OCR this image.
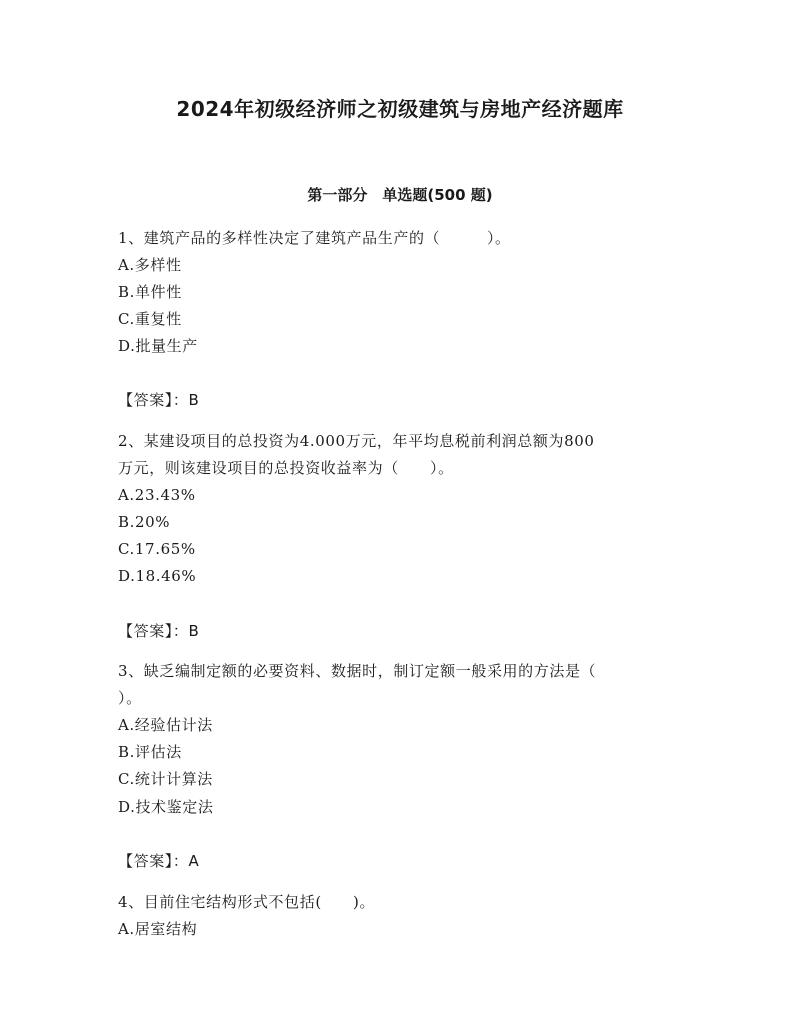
2024年初级经济师之初级建筑与房地产经济题库
第一部分　单选题(500 题)
1、建筑产品的多样性决定了建筑产品生产的（　　　）。
A.多样性
B.单件性
C.重复性
D.批量生产
【答案】：B
2、某建设项目的总投资为4.000万元，年平均息税前利润总额为800
万元，则该建设项目的总投资收益率为（　　）。
A.23.43%
B.20%
C.17.65%
D.18.46%
【答案】：B
3、缺乏编制定额的必要资料、数据时，制订定额一般采用的方法是（
）。
A.经验估计法
B.评估法
C.统计计算法
D.技术鉴定法
【答案】：A
4、目前住宅结构形式不包括(　　)。
A.居室结构
